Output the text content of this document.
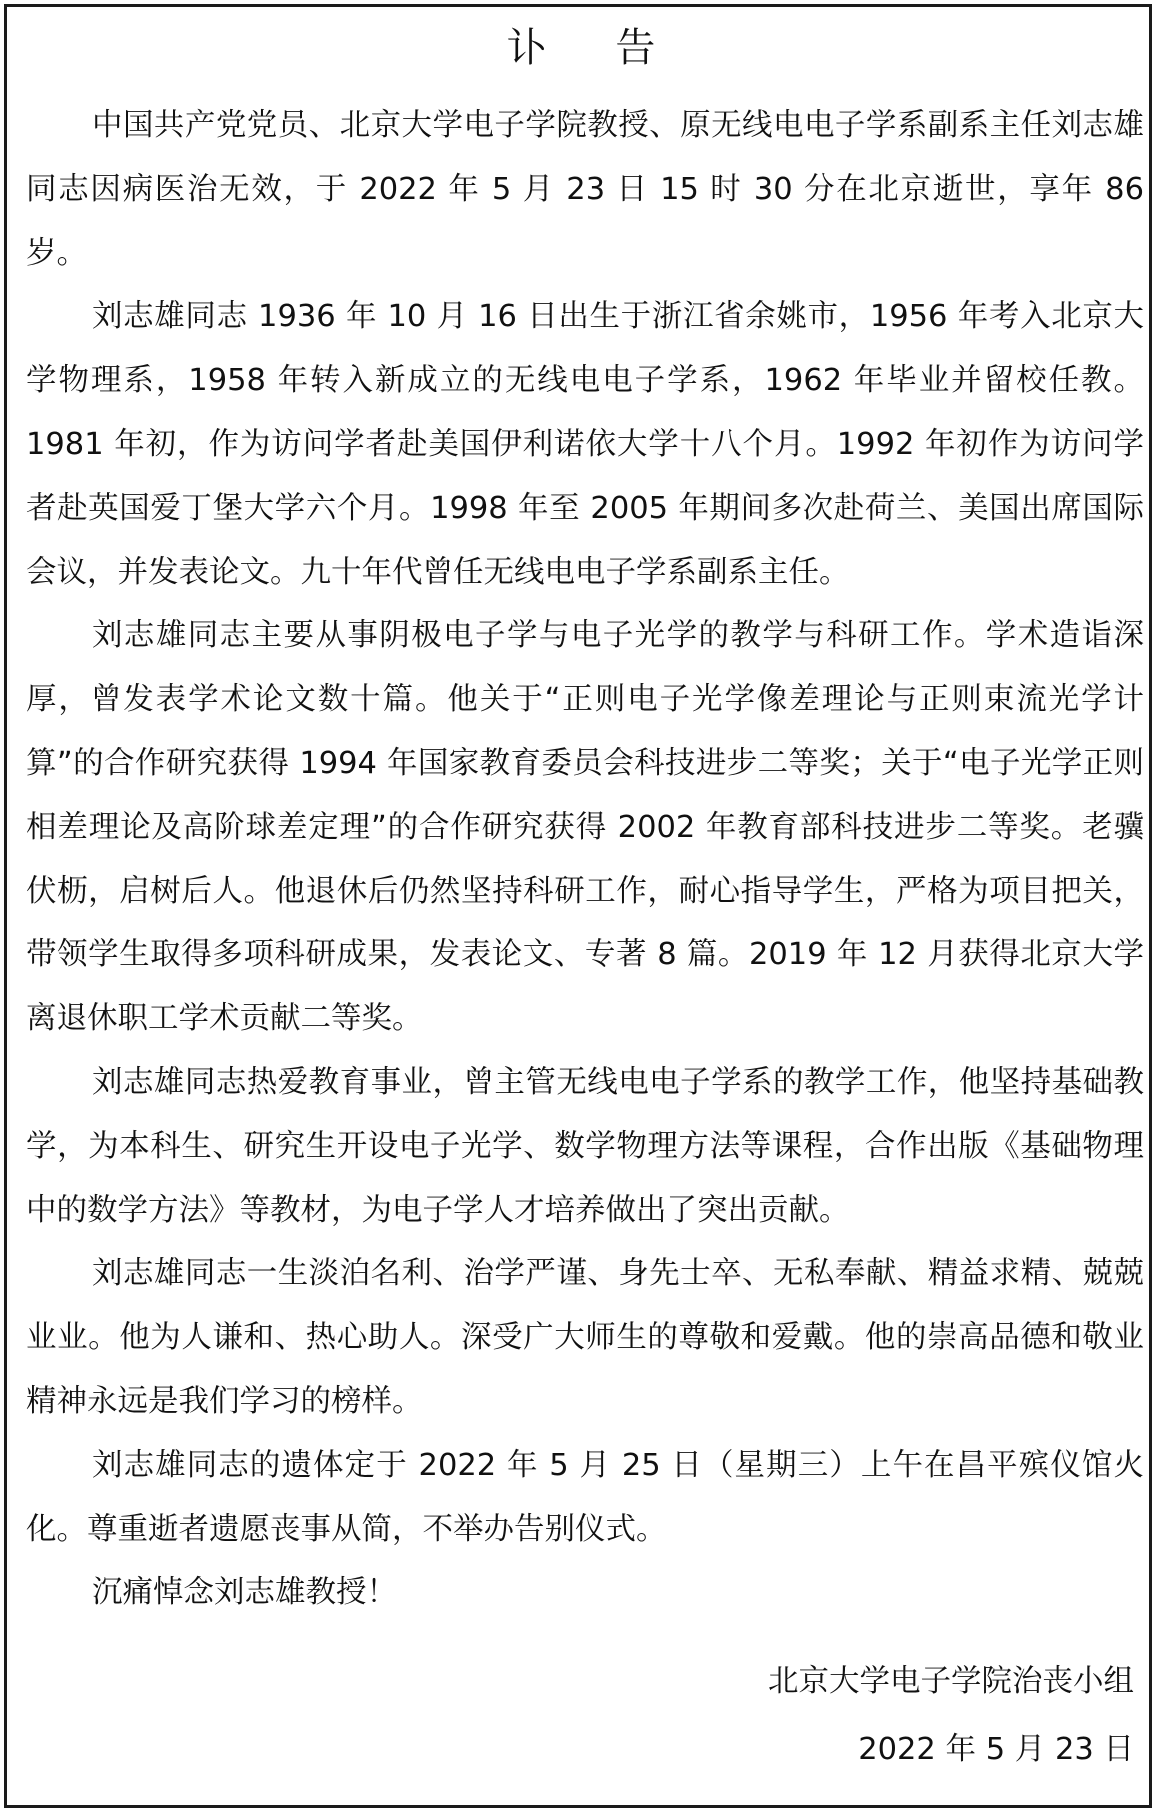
讣 告

中国共产党党员、北京大学电子学院教授、原无线电电子学系副系主任刘志雄同志因病医治无效，于 2022 年 5 月 23 日 15 时 30 分在北京逝世，享年 86 岁。

刘志雄同志 1936 年 10 月 16 日出生于浙江省余姚市，1956 年考入北京大学物理系，1958 年转入新成立的无线电电子学系，1962 年毕业并留校任教。1981 年初，作为访问学者赴美国伊利诺依大学十八个月。1992 年初作为访问学者赴英国爱丁堡大学六个月。1998 年至 2005 年期间多次赴荷兰、美国出席国际会议，并发表论文。九十年代曾任无线电电子学系副系主任。

刘志雄同志主要从事阴极电子学与电子光学的教学与科研工作。学术造诣深厚，曾发表学术论文数十篇。他关于“正则电子光学像差理论与正则束流光学计算”的合作研究获得 1994 年国家教育委员会科技进步二等奖；关于“电子光学正则相差理论及高阶球差定理”的合作研究获得 2002 年教育部科技进步二等奖。老骥伏枥，启树后人。他退休后仍然坚持科研工作，耐心指导学生，严格为项目把关，带领学生取得多项科研成果，发表论文、专著 8 篇。2019 年 12 月获得北京大学离退休职工学术贡献二等奖。

刘志雄同志热爱教育事业，曾主管无线电电子学系的教学工作，他坚持基础教学，为本科生、研究生开设电子光学、数学物理方法等课程，合作出版《基础物理中的数学方法》等教材，为电子学人才培养做出了突出贡献。

刘志雄同志一生淡泊名利、治学严谨、身先士卒、无私奉献、精益求精、兢兢业业。他为人谦和、热心助人。深受广大师生的尊敬和爱戴。他的崇高品德和敬业精神永远是我们学习的榜样。

刘志雄同志的遗体定于 2022 年 5 月 25 日（星期三）上午在昌平殡仪馆火化。尊重逝者遗愿丧事从简，不举办告别仪式。

沉痛悼念刘志雄教授！

北京大学电子学院治丧小组
2022 年 5 月 23 日
